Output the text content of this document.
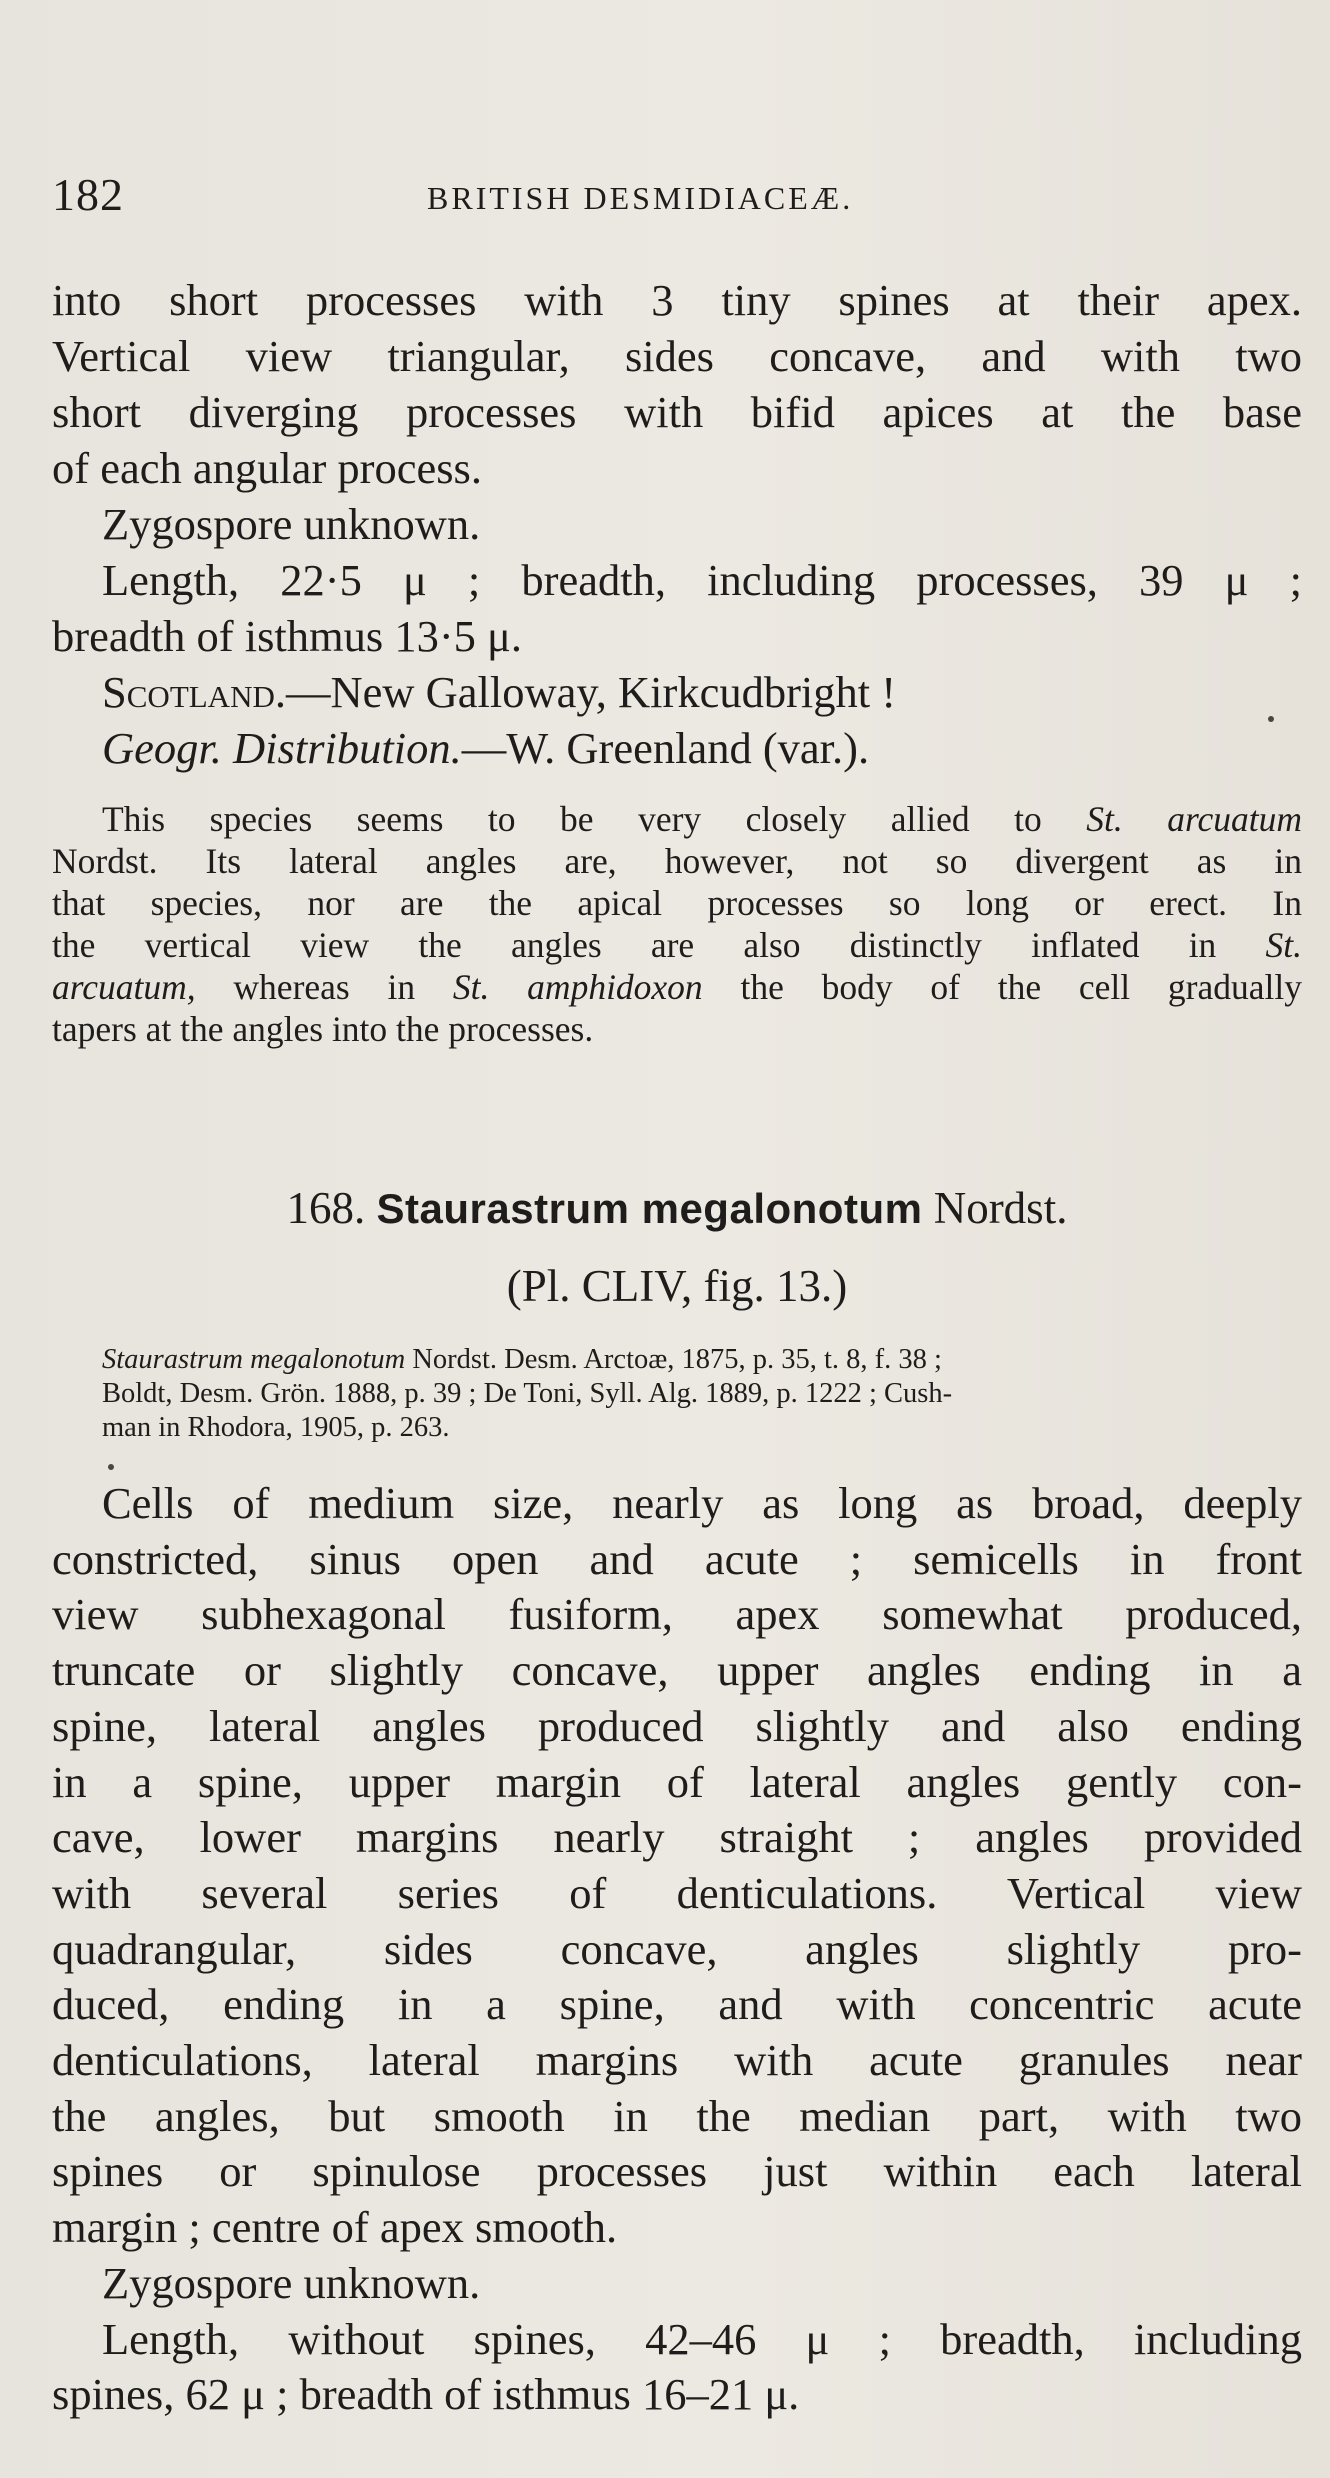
182	BRITISH DESMIDIACEÆ.
into short processes with 3 tiny spines at their apex.
Vertical view triangular, sides concave, and with two
short diverging processes with bifid apices at the base
of each angular process.
Zygospore unknown.
Length, 22·5 μ ; breadth, including processes, 39 μ ;
breadth of isthmus 13·5 μ.
Scotland.—New Galloway, Kirkcudbright !
Geogr. Distribution.—W. Greenland (var.).
This species seems to be very closely allied to St. arcuatum
Nordst. Its lateral angles are, however, not so divergent as in
that species, nor are the apical processes so long or erect. In
the vertical view the angles are also distinctly inflated in St.
arcuatum, whereas in St. amphidoxon the body of the cell gradually
tapers at the angles into the processes.
168. Staurastrum megalonotum Nordst.
(Pl. CLIV, fig. 13.)
Staurastrum megalonotum Nordst. Desm. Arctoæ, 1875, p. 35, t. 8, f. 38 ;
Boldt, Desm. Grön. 1888, p. 39 ; De Toni, Syll. Alg. 1889, p. 1222 ; Cush-
man in Rhodora, 1905, p. 263.
Cells of medium size, nearly as long as broad, deeply
constricted, sinus open and acute ; semicells in front
view subhexagonal fusiform, apex somewhat produced,
truncate or slightly concave, upper angles ending in a
spine, lateral angles produced slightly and also ending
in a spine, upper margin of lateral angles gently con-
cave, lower margins nearly straight ; angles provided
with several series of denticulations. Vertical view
quadrangular, sides concave, angles slightly pro-
duced, ending in a spine, and with concentric acute
denticulations, lateral margins with acute granules near
the angles, but smooth in the median part, with two
spines or spinulose processes just within each lateral
margin ; centre of apex smooth.
Zygospore unknown.
Length, without spines, 42–46 μ ; breadth, including
spines, 62 μ ; breadth of isthmus 16–21 μ.
